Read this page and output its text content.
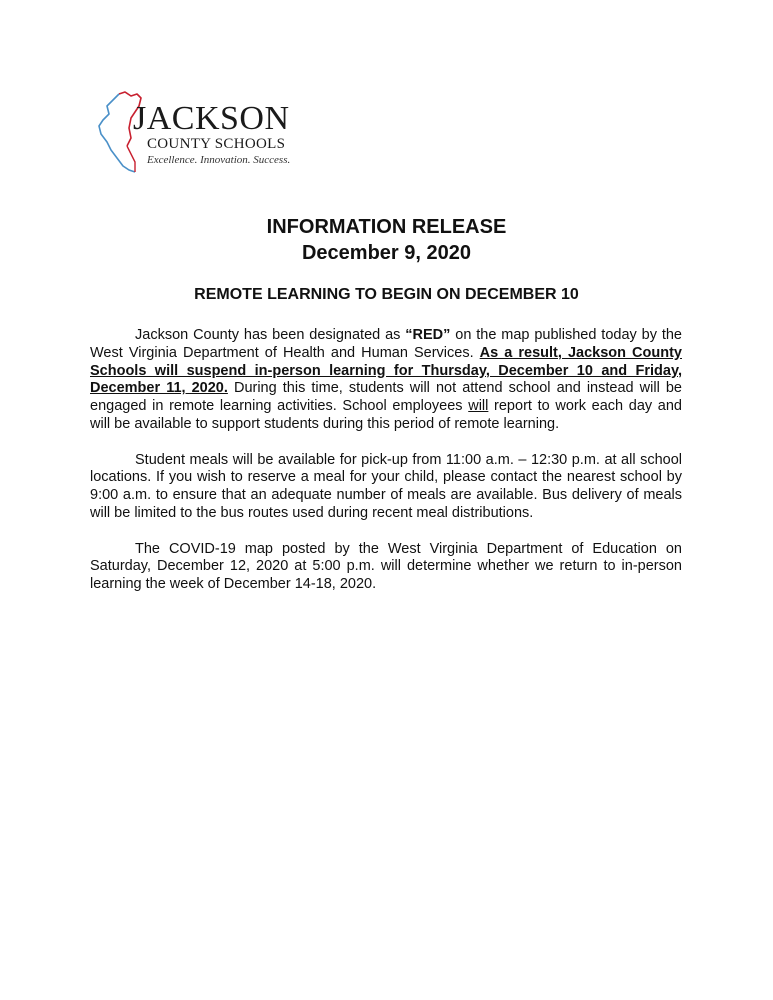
JACKSON
COUNTY SCHOOLS
Excellence. Innovation. Success.
INFORMATION RELEASE
December 9, 2020
REMOTE LEARNING TO BEGIN ON DECEMBER 10

Jackson County has been designated as “RED” on the map published today by the West Virginia Department of Health and Human Services. As a result, Jackson County Schools will suspend in-person learning for Thursday, December 10 and Friday, December 11, 2020. During this time, students will not attend school and instead will be engaged in remote learning activities. School employees will report to work each day and will be available to support students during this period of remote learning.

Student meals will be available for pick-up from 11:00 a.m. – 12:30 p.m. at all school locations. If you wish to reserve a meal for your child, please contact the nearest school by 9:00 a.m. to ensure that an adequate number of meals are available. Bus delivery of meals will be limited to the bus routes used during recent meal distributions.

The COVID-19 map posted by the West Virginia Department of Education on Saturday, December 12, 2020 at 5:00 p.m. will determine whether we return to in-person learning the week of December 14-18, 2020.
